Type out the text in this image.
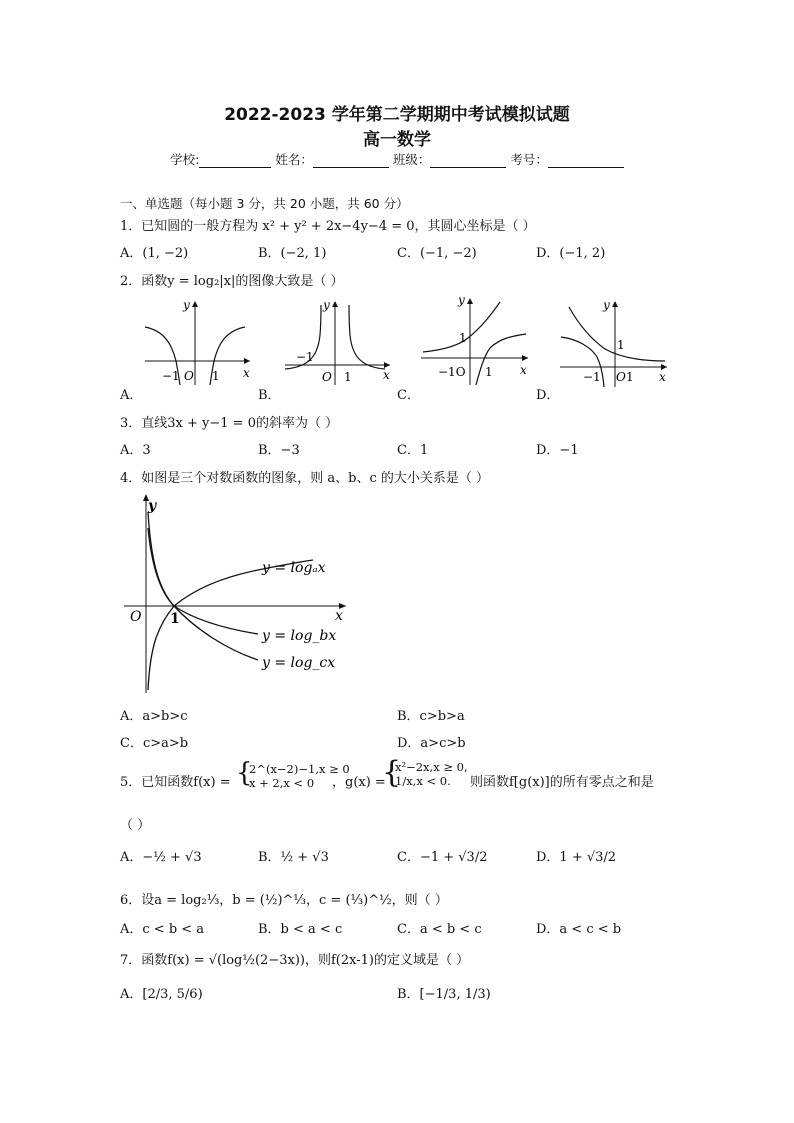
2022-2023 学年第二学期期中考试模拟试题
高一数学
学校:	姓名：	班级：	考号：
一、单选题（每小题 3 分，共 20 小题，共 60 分）
1．已知圆的一般方程为 x² + y² + 2x−4y−4 = 0，其圆心坐标是（ ）
A．(1, −2)	B．(−2, 1)	C．(−1, −2)	D．(−1, 2)
2．函数y = log₂|x|的图像大致是（ ）
y
x
−1 O 1
A．
y
x
−1
O 1
B．
y
x
1
−1O 1
C．
y
x
1
−1 O 1
D．
3．直线3x + y−1 = 0的斜率为（ ）
A．3	B．−3	C．1	D．−1
4．如图是三个对数函数的图象，则 a、b、c 的大小关系是（ ）
y
x
O 1
y = logₐx
y = log_bx
y = log_cx
A．a>b>c	B．c>b>a
C．c>a>b	D．a>c>b
5．已知函数f(x) = {
2^(x−2)−1,x ≥ 0
x + 2,x < 0	，g(x) =
{
x²−2x,x ≥ 0,
1/x,x < 0.	则函数f[g(x)]的所有零点之和是
（ ）
A．−½ + √3	B．½ + √3	C．−1 + √3/2	D．1 + √3/2
6．设a = log₂⅓，b = (½)^⅓，c = (⅓)^½，则（ ）
A．c < b < a	B．b < a < c	C．a < b < c	D．a < c < b
7．函数f(x) = √(log½(2−3x))，则f(2x-1)的定义域是（ ）
A．[2/3, 5/6)	B．[−1/3, 1/3)
